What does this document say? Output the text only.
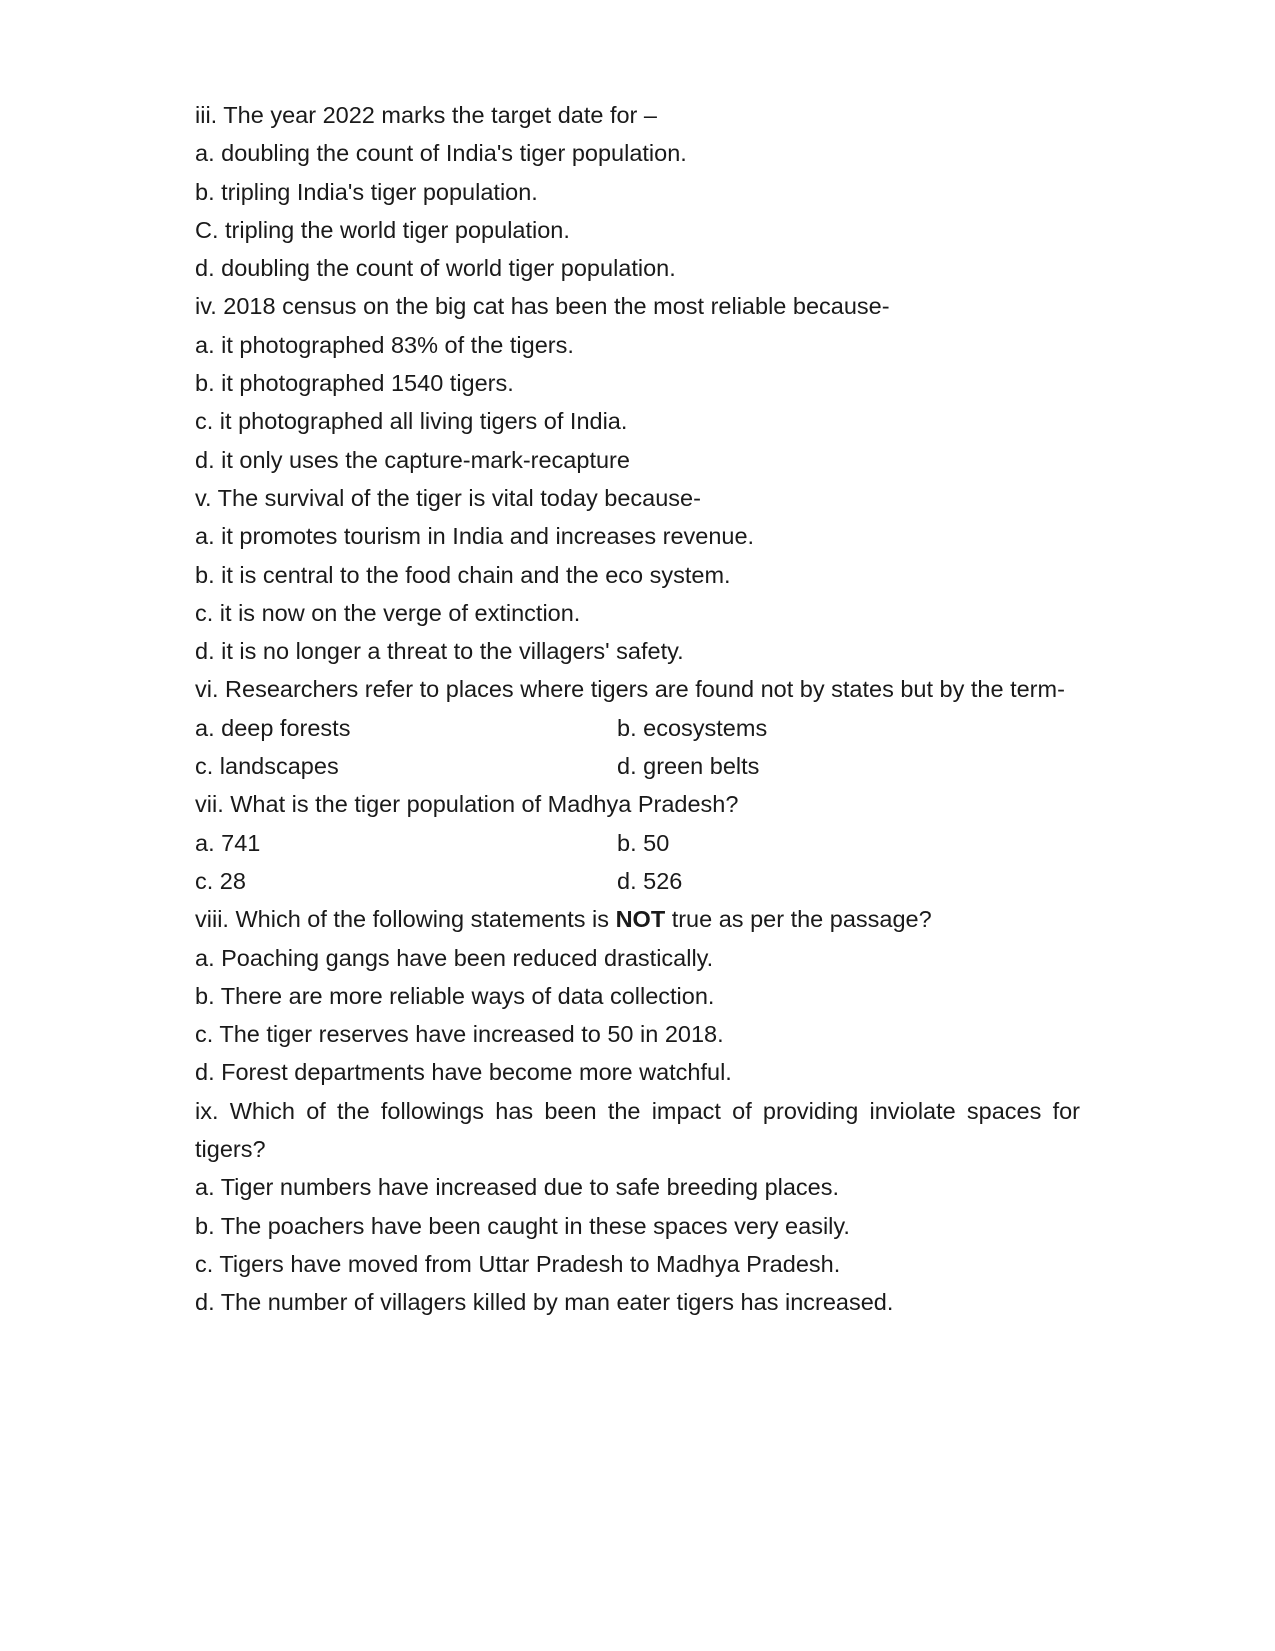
iii. The year 2022 marks the target date for –
a. doubling the count of India's tiger population.
b. tripling India's tiger population.
C. tripling the world tiger population.
d. doubling the count of world tiger population.
iv. 2018 census on the big cat has been the most reliable because-
a. it photographed 83% of the tigers.
b. it photographed 1540 tigers.
c. it photographed all living tigers of India.
d. it only uses the capture-mark-recapture
v. The survival of the tiger is vital today because-
a. it promotes tourism in India and increases revenue.
b. it is central to the food chain and the eco system.
c. it is now on the verge of extinction.
d. it is no longer a threat to the villagers' safety.
vi. Researchers refer to places where tigers are found not by states but by the term-
a. deep forests	b. ecosystems
c. landscapes	d. green belts
vii. What is the tiger population of Madhya Pradesh?
a. 741	b. 50
c. 28	d. 526
viii. Which of the following statements is NOT true as per the passage?
a. Poaching gangs have been reduced drastically.
b. There are more reliable ways of data collection.
c. The tiger reserves have increased to 50 in 2018.
d. Forest departments have become more watchful.
ix. Which of the followings has been the impact of providing inviolate spaces for tigers?
a. Tiger numbers have increased due to safe breeding places.
b. The poachers have been caught in these spaces very easily.
c. Tigers have moved from Uttar Pradesh to Madhya Pradesh.
d. The number of villagers killed by man eater tigers has increased.
